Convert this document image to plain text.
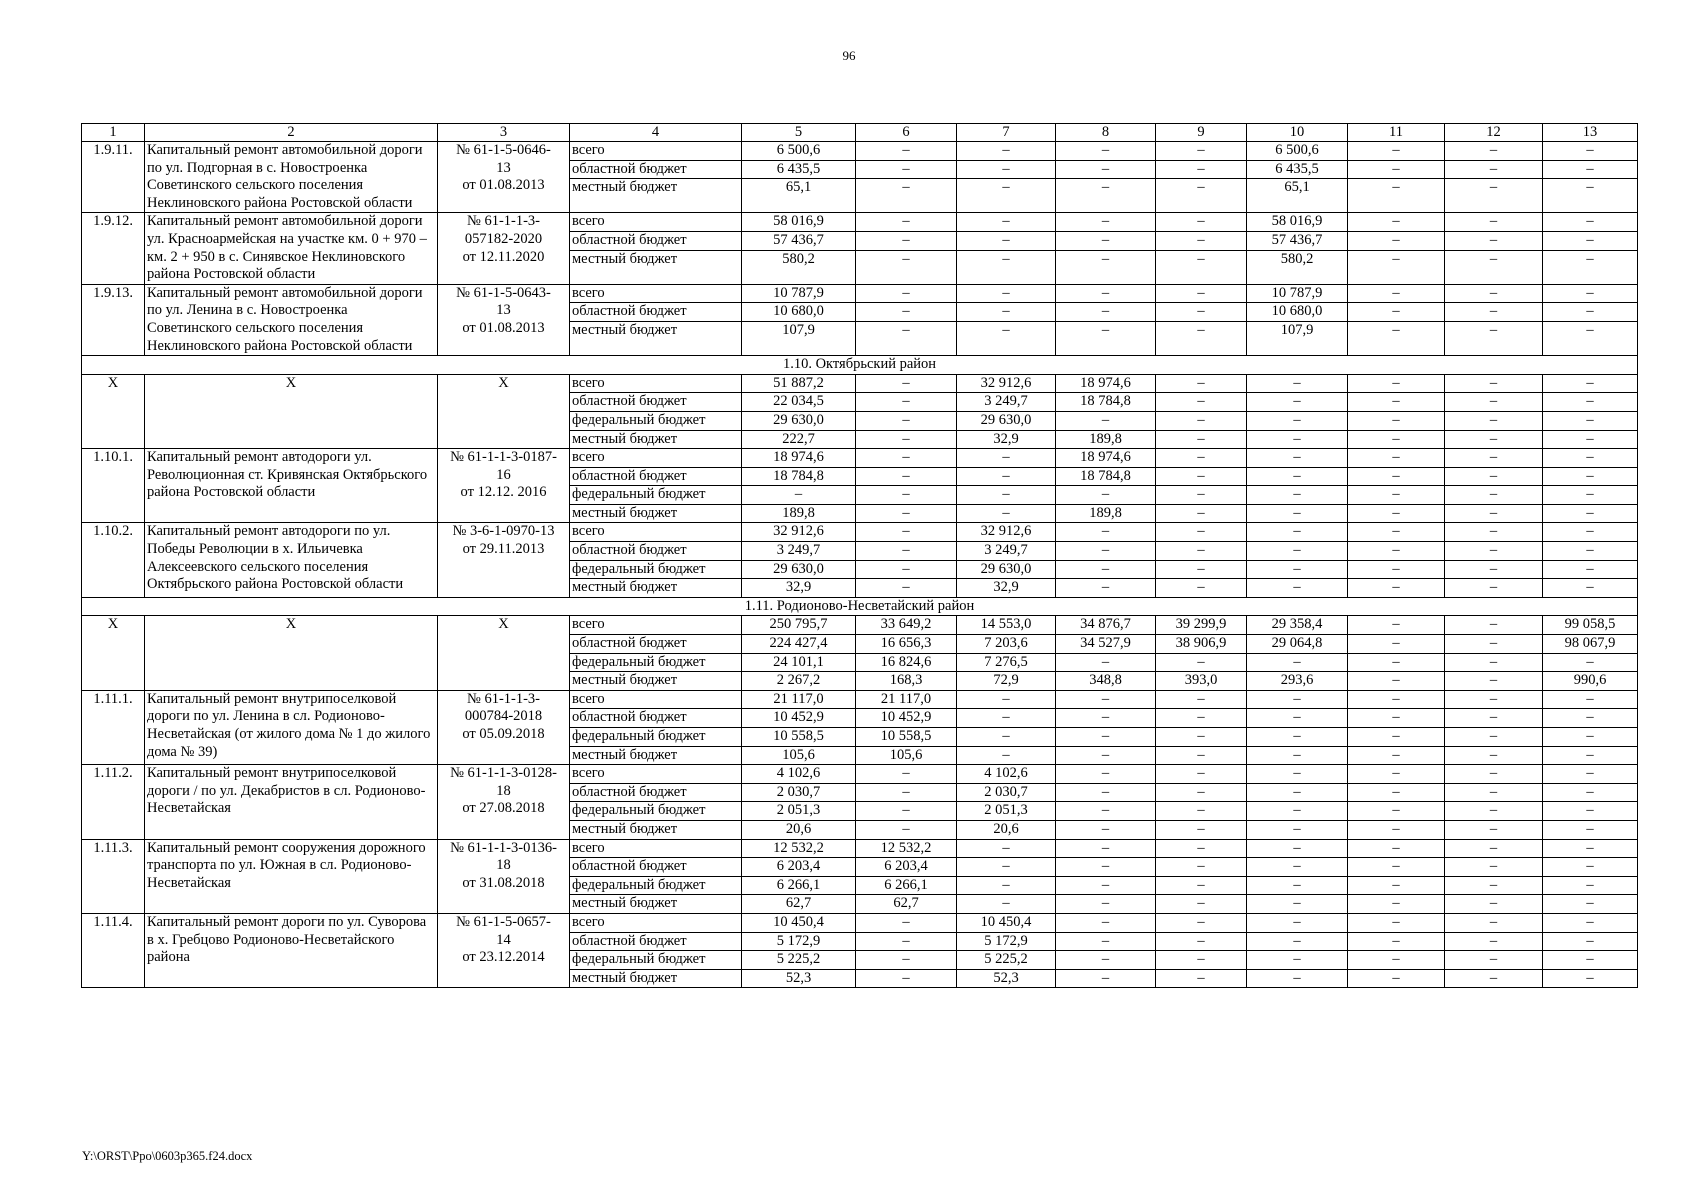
96
1	2	3	4	5	6	7	8	9	10	11	12	13
1.9.11.	Капитальный ремонт автомобильной дороги по ул. Подгорная в с. Новостроенка Советинского сельского поселения Неклиновского района Ростовской области	№ 61-1-5-0646-
13
от 01.08.2013	всего	6 500,6	–	–	–	–	6 500,6	–	–	–
			областной бюджет	6 435,5	–	–	–	–	6 435,5	–	–	–
			местный бюджет	65,1	–	–	–	–	65,1	–	–	–

1.9.12.	Капитальный ремонт автомобильной дороги ул. Красноармейская на участке км. 0 + 970 – км. 2 + 950 в с. Синявское Неклиновского района Ростовской области	№ 61-1-1-3-
057182-2020
от 12.11.2020	всего	58 016,9	–	–	–	–	58 016,9	–	–	–
			областной бюджет	57 436,7	–	–	–	–	57 436,7	–	–	–
			местный бюджет	580,2	–	–	–	–	580,2	–	–	–

1.9.13.	Капитальный ремонт автомобильной дороги по ул. Ленина в с. Новостроенка Советинского сельского поселения Неклиновского района Ростовской области	№ 61-1-5-0643-
13
от 01.08.2013	всего	10 787,9	–	–	–	–	10 787,9	–	–	–
			областной бюджет	10 680,0	–	–	–	–	10 680,0	–	–	–
			местный бюджет	107,9	–	–	–	–	107,9	–	–	–

1.10. Октябрьский район												
X	X	X	всего	51 887,2	–	32 912,6	18 974,6	–	–	–	–	–
			областной бюджет	22 034,5	–	3 249,7	18 784,8	–	–	–	–	–
			федеральный бюджет	29 630,0	–	29 630,0	–	–	–	–	–	–
			местный бюджет	222,7	–	32,9	189,8	–	–	–	–	–
1.10.1.	Капитальный ремонт автодороги ул. Революционная ст. Кривянская Октябрьского района Ростовской области	№ 61-1-1-3-0187-
16
от 12.12. 2016	всего	18 974,6	–	–	18 974,6	–	–	–	–	–
			областной бюджет	18 784,8	–	–	18 784,8	–	–	–	–	–
			федеральный бюджет	–	–	–	–	–	–	–	–	–
			местный бюджет	189,8	–	–	189,8	–	–	–	–	–
1.10.2.	Капитальный ремонт автодороги по ул. Победы Революции в х. Ильичевка Алексеевского сельского поселения Октябрьского района Ростовской области	№ 3-6-1-0970-13
от 29.11.2013	всего	32 912,6	–	32 912,6	–	–	–	–	–	–
			областной бюджет	3 249,7	–	3 249,7	–	–	–	–	–	–
			федеральный бюджет	29 630,0	–	29 630,0	–	–	–	–	–	–
			местный бюджет	32,9	–	32,9	–	–	–	–	–	–

1.11. Родионово-Несветайский район												
X	X	X	всего	250 795,7	33 649,2	14 553,0	34 876,7	39 299,9	29 358,4	–	–	99 058,5
			областной бюджет	224 427,4	16 656,3	7 203,6	34 527,9	38 906,9	29 064,8	–	–	98 067,9
			федеральный бюджет	24 101,1	16 824,6	7 276,5	–	–	–	–	–	–
			местный бюджет	2 267,2	168,3	72,9	348,8	393,0	293,6	–	–	990,6
1.11.1.	Капитальный ремонт внутрипоселковой дороги по ул. Ленина в сл. Родионово-Несветайская (от жилого дома № 1 до жилого дома № 39)	№ 61-1-1-3-
000784-2018
от 05.09.2018	всего	21 117,0	21 117,0	–	–	–	–	–	–	–
			областной бюджет	10 452,9	10 452,9	–	–	–	–	–	–	–
			федеральный бюджет	10 558,5	10 558,5	–	–	–	–	–	–	–
			местный бюджет	105,6	105,6	–	–	–	–	–	–	–

1.11.2.	Капитальный ремонт внутрипоселковой дороги / по ул. Декабристов в сл. Родионово-Несветайская	№ 61-1-1-3-0128-
18
от 27.08.2018	всего	4 102,6	–	4 102,6	–	–	–	–	–	–
			областной бюджет	2 030,7	–	2 030,7	–	–	–	–	–	–
			федеральный бюджет	2 051,3	–	2 051,3	–	–	–	–	–	–
			местный бюджет	20,6	–	20,6	–	–	–	–	–	–
1.11.3.	Капитальный ремонт сооружения дорожного транспорта по ул. Южная в сл. Родионово-Несветайская	№ 61-1-1-3-0136-
18
от 31.08.2018	всего	12 532,2	12 532,2	–	–	–	–	–	–	–
			областной бюджет	6 203,4	6 203,4	–	–	–	–	–	–	–
			федеральный бюджет	6 266,1	6 266,1	–	–	–	–	–	–	–
			местный бюджет	62,7	62,7	–	–	–	–	–	–	–
1.11.4.	Капитальный ремонт дороги по ул. Суворова в х. Гребцово Родионово-Несветайского района	№ 61-1-5-0657-
14
от 23.12.2014	всего	10 450,4	–	10 450,4	–	–	–	–	–	–
			областной бюджет	5 172,9	–	5 172,9	–	–	–	–	–	–
			федеральный бюджет	5 225,2	–	5 225,2	–	–	–	–	–	–
			местный бюджет	52,3	–	52,3	–	–	–	–	–	–
Y:\ORST\Ppo\0603p365.f24.docx
